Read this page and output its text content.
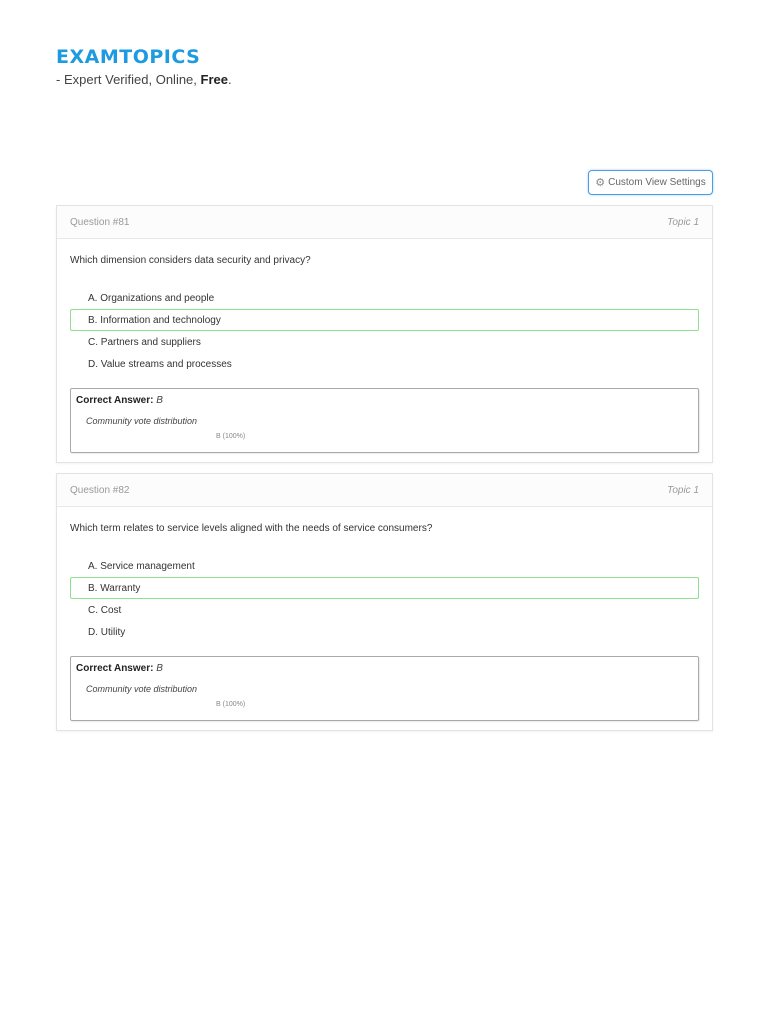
EXAMTOPICS
- Expert Verified, Online, Free.
⚙ Custom View Settings
Question #81	Topic 1
Which dimension considers data security and privacy?
A. Organizations and people
B. Information and technology
C. Partners and suppliers
D. Value streams and processes
Correct Answer: B
Community vote distribution
B (100%)
Question #82	Topic 1
Which term relates to service levels aligned with the needs of service consumers?
A. Service management
B. Warranty
C. Cost
D. Utility
Correct Answer: B
Community vote distribution
B (100%)
